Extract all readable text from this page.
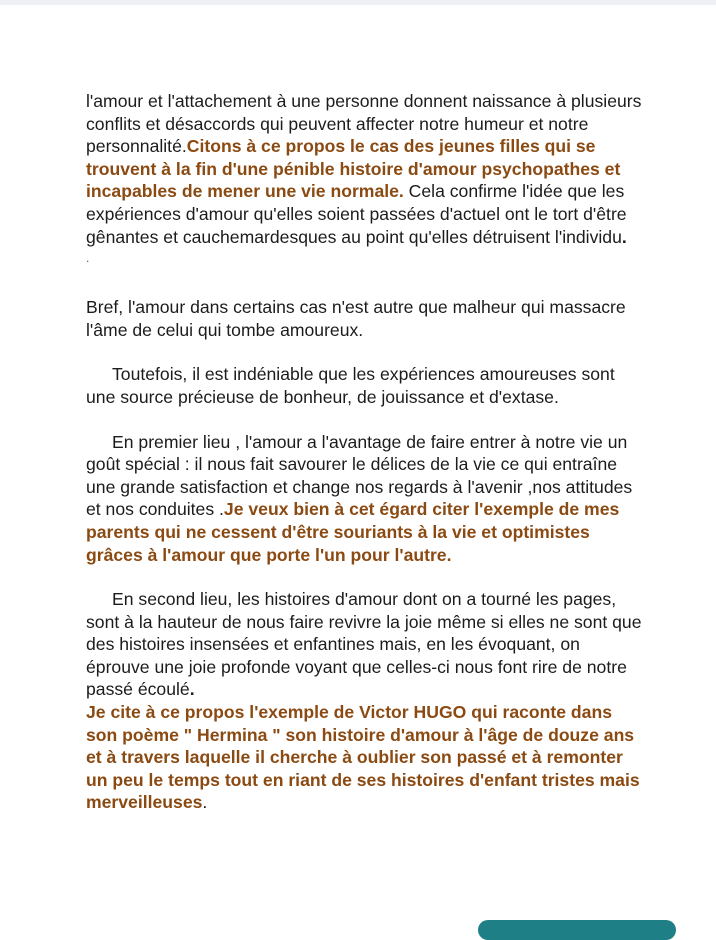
l'amour et l'attachement à une personne donnent naissance à plusieurs conflits et désaccords qui peuvent affecter notre humeur et notre personnalité.Citons à ce propos le cas des jeunes filles qui se trouvent à la fin d'une pénible histoire d'amour psychopathes et incapables de mener une vie normale. Cela confirme l'idée que les expériences d'amour qu'elles soient passées d'actuel ont le tort d'être gênantes et cauchemardesques au point qu'elles détruisent l'individu.

.

Bref, l'amour dans certains cas n'est autre que malheur qui massacre l'âme de celui qui tombe amoureux.

Toutefois, il est indéniable que les expériences amoureuses sont une source précieuse de bonheur, de jouissance et d'extase.

En premier lieu , l'amour a l'avantage de faire entrer à notre vie un goût spécial : il nous fait savourer le délices de la vie ce qui entraîne une grande satisfaction et change nos regards à l'avenir ,nos attitudes et nos conduites .Je veux bien à cet égard citer l'exemple de mes parents qui ne cessent d'être souriants à la vie et optimistes grâces à l'amour que porte l'un pour l'autre.

En second lieu, les histoires d'amour dont on a tourné les pages, sont à la hauteur de nous faire revivre la joie même si elles ne sont que des histoires insensées et enfantines mais, en les évoquant, on éprouve une joie profonde voyant que celles-ci nous font rire de notre passé écoulé.

Je cite à ce propos l'exemple de Victor HUGO qui raconte dans son poème " Hermina " son histoire d'amour à l'âge de douze ans et à travers laquelle il cherche à oublier son passé et à remonter un peu le temps tout en riant de ses histoires d'enfant tristes mais merveilleuses.
